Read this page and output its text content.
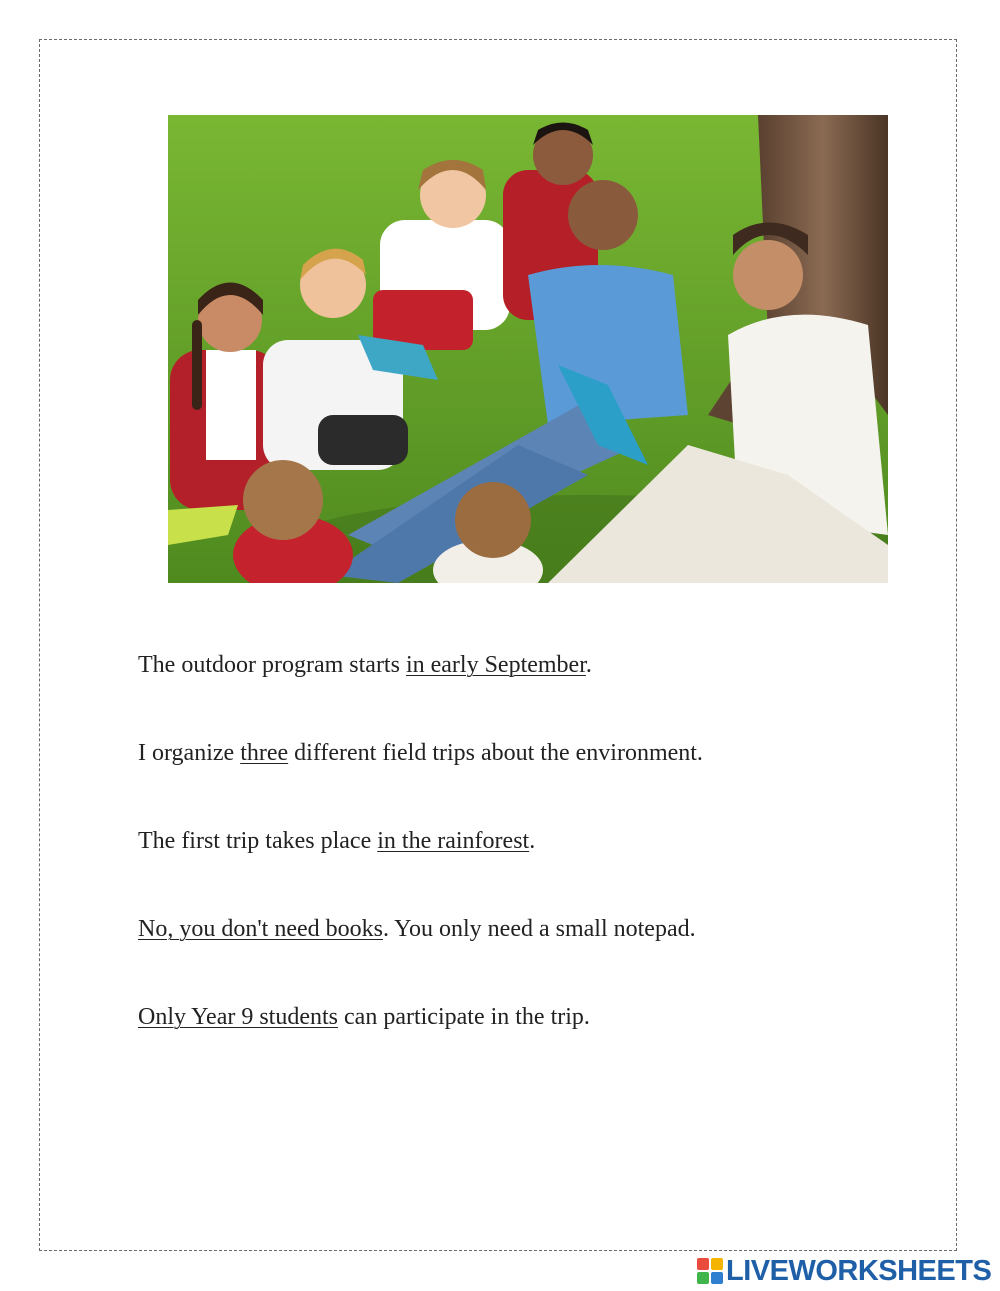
The outdoor program starts in early September.
I organize three different field trips about the environment.
The first trip takes place in the rainforest.
No, you don't need books. You only need a small notepad.
Only Year 9 students can participate in the trip.
LIVEWORKSHEETS
